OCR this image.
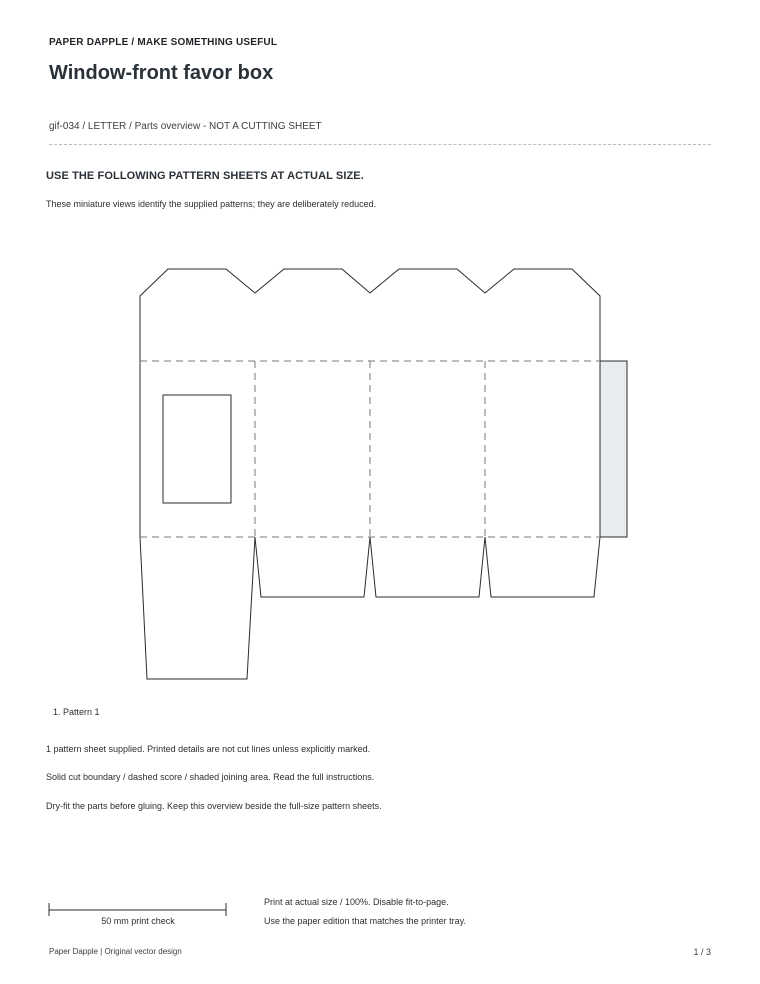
PAPER DAPPLE / MAKE SOMETHING USEFUL
Window-front favor box
gif-034 / LETTER / Parts overview - NOT A CUTTING SHEET
USE THE FOLLOWING PATTERN SHEETS AT ACTUAL SIZE.
These miniature views identify the supplied patterns; they are deliberately reduced.
1. Pattern 1
1 pattern sheet supplied. Printed details are not cut lines unless explicitly marked.
Solid cut boundary / dashed score / shaded joining area. Read the full instructions.
Dry-fit the parts before gluing. Keep this overview beside the full-size pattern sheets.
50 mm print check
Print at actual size / 100%. Disable fit-to-page.
Use the paper edition that matches the printer tray.
Paper Dapple | Original vector design	1 / 3
